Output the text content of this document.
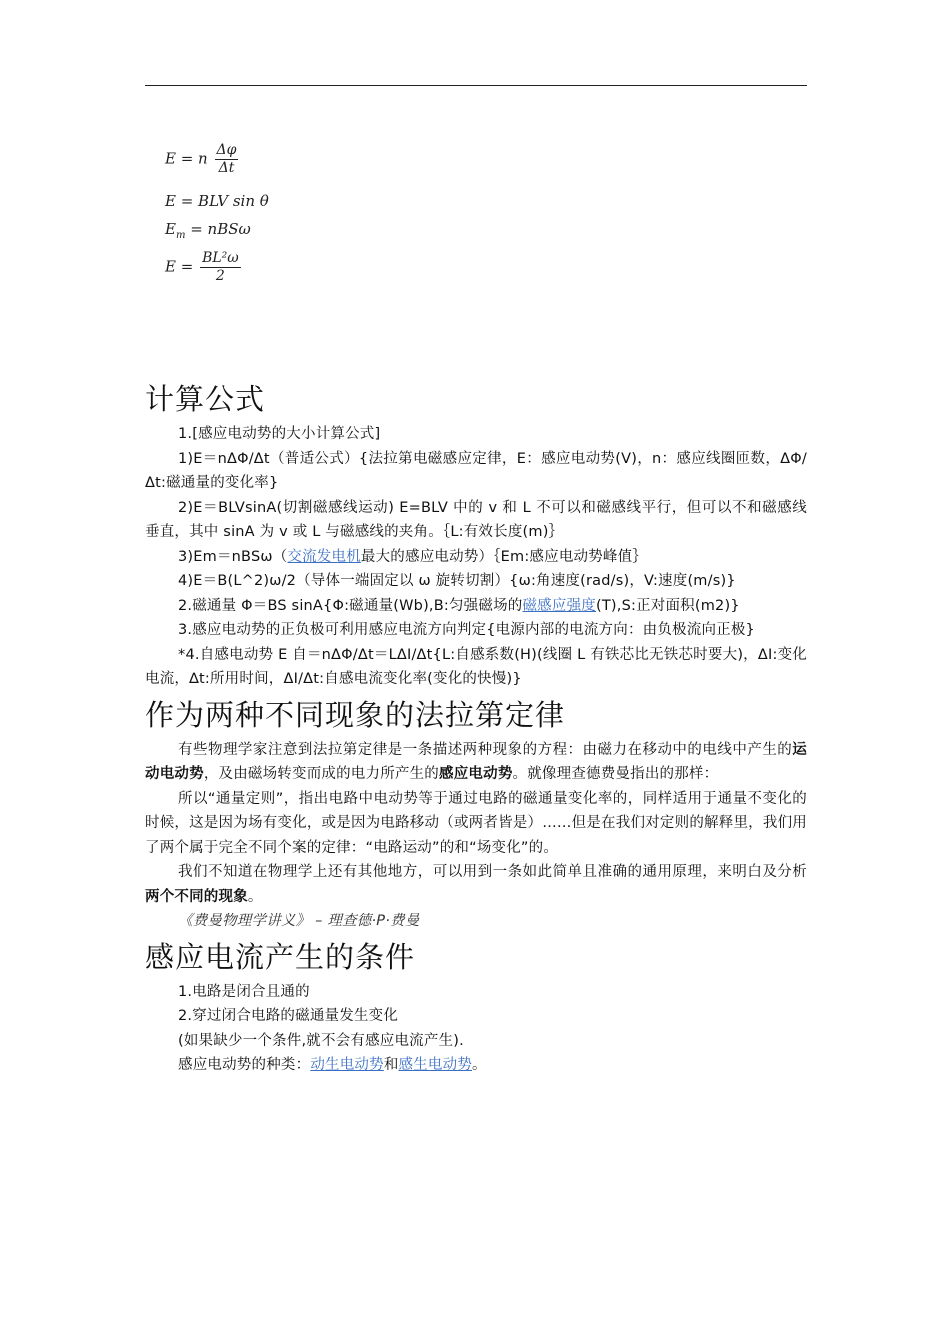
E = n $\frac{\Delta\varphi}{\Delta t}$
E = BLV sin θ
$E_m = nBS\omega$
$E = \frac{\text{BL²ω}}{2}$
计算公式

1.[感应电动势的大小计算公式]

1)E＝nΔΦ/Δt（普适公式）{法拉第电磁感应定律，E：感应电动势(V)，n：感应线圈匝数，ΔΦ/Δt:磁通量的变化率}

2)E＝BLVsinA(切割磁感线运动) E=BLV 中的 v 和 L 不可以和磁感线平行，但可以不和磁感线垂直，其中 sinA 为 v 或 L 与磁感线的夹角。｛L:有效长度(m)｝

3)Em＝nBSω（交流发电机最大的感应电动势）｛Em:感应电动势峰值｝

4)E＝B(L^2)ω/2（导体一端固定以 ω 旋转切割）{ω:角速度(rad/s)，V:速度(m/s)}

2.磁通量 Φ＝BS sinA{Φ:磁通量(Wb),B:匀强磁场的磁感应强度(T),S:正对面积(m2)}

3.感应电动势的正负极可利用感应电流方向判定{电源内部的电流方向：由负极流向正极}

*4.自感电动势 E 自＝nΔΦ/Δt＝LΔI/Δt{L:自感系数(H)(线圈 L 有铁芯比无铁芯时要大)，ΔI:变化电流，∆t:所用时间，ΔI/Δt:自感电流变化率(变化的快慢)}

作为两种不同现象的法拉第定律

有些物理学家注意到法拉第定律是一条描述两种现象的方程：由磁力在移动中的电线中产生的运动电动势，及由磁场转变而成的电力所产生的感应电动势。就像理查德费曼指出的那样：

所以“通量定则”，指出电路中电动势等于通过电路的磁通量变化率的，同样适用于通量不变化的时候，这是因为场有变化，或是因为电路移动（或两者皆是）……但是在我们对定则的解释里，我们用了两个属于完全不同个案的定律：“电路运动”的和“场变化”的。

我们不知道在物理学上还有其他地方，可以用到一条如此简单且准确的通用原理，来明白及分析两个不同的现象。

《费曼物理学讲义》 – 理查德·P·费曼

感应电流产生的条件

1.电路是闭合且通的

2.穿过闭合电路的磁通量发生变化

(如果缺少一个条件,就不会有感应电流产生).

感应电动势的种类：动生电动势和感生电动势。
